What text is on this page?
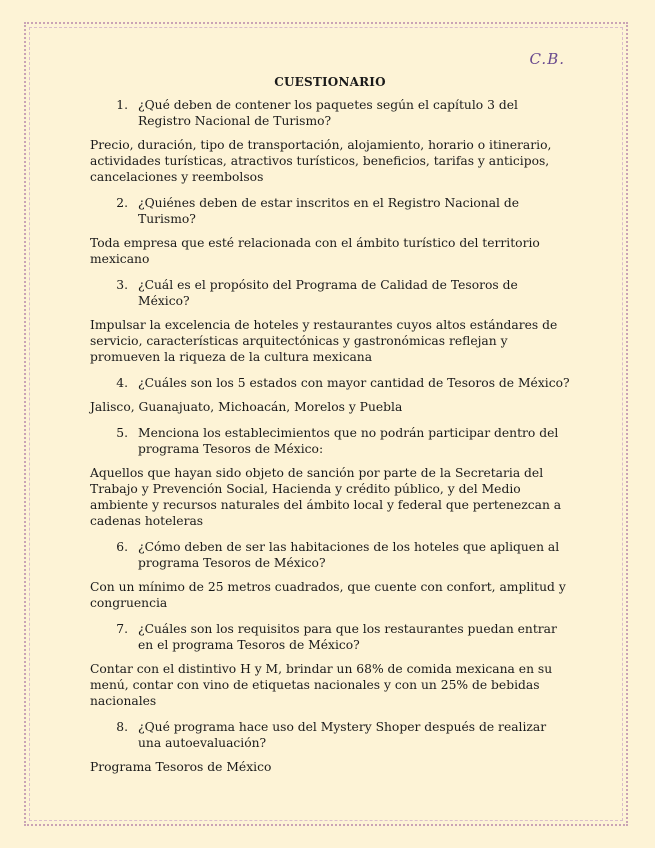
C.B.
CUESTIONARIO
1. ¿Qué deben de contener los paquetes según el capítulo 3 del Registro Nacional de Turismo?
Precio, duración, tipo de transportación, alojamiento, horario o itinerario, actividades turísticas, atractivos turísticos, beneficios, tarifas y anticipos, cancelaciones y reembolsos
2. ¿Quiénes deben de estar inscritos en el Registro Nacional de Turismo?
Toda empresa que esté relacionada con el ámbito turístico del territorio mexicano
3. ¿Cuál es el propósito del Programa de Calidad de Tesoros de México?
Impulsar la excelencia de hoteles y restaurantes cuyos altos estándares de servicio, características arquitectónicas y gastronómicas reflejan y promueven la riqueza de la cultura mexicana
4. ¿Cuáles son los 5 estados con mayor cantidad de Tesoros de México?
Jalisco, Guanajuato, Michoacán, Morelos y Puebla
5. Menciona los establecimientos que no podrán participar dentro del programa Tesoros de México:
Aquellos que hayan sido objeto de sanción por parte de la Secretaria del Trabajo y Prevención Social, Hacienda y crédito público, y del Medio ambiente y recursos naturales del ámbito local y federal que pertenezcan a cadenas hoteleras
6. ¿Cómo deben de ser las habitaciones de los hoteles que apliquen al programa Tesoros de México?
Con un mínimo de 25 metros cuadrados, que cuente con confort, amplitud y congruencia
7. ¿Cuáles son los requisitos para que los restaurantes puedan entrar en el programa Tesoros de México?
Contar con el distintivo H y M, brindar un 68% de comida mexicana en su menú, contar con vino de etiquetas nacionales y con un 25% de bebidas nacionales
8. ¿Qué programa hace uso del Mystery Shoper después de realizar una autoevaluación?
Programa Tesoros de México
